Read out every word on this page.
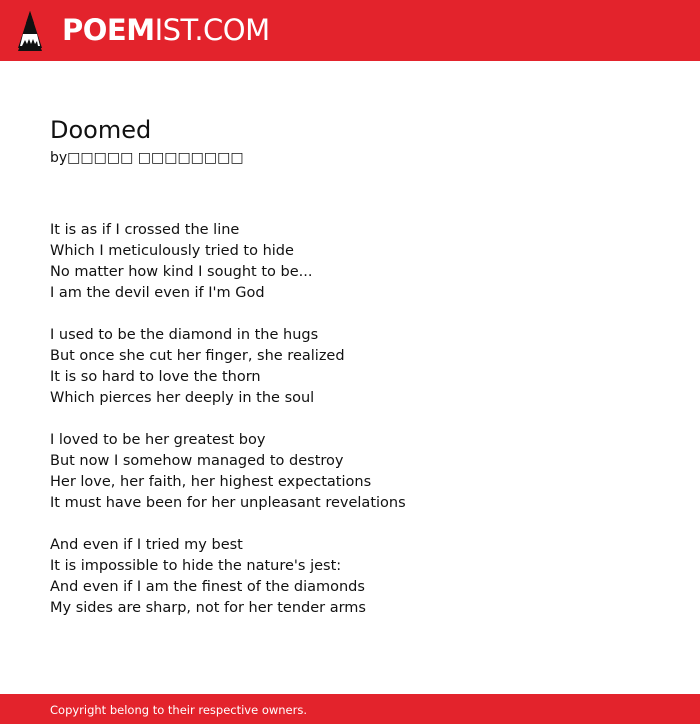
POEM IST.COM
Doomed
by□□□□□ □□□□□□□□
It is as if I crossed the line
Which I meticulously tried to hide
No matter how kind I sought to be...
I am the devil even if I'm God
I used to be the diamond in the hugs
But once she cut her finger, she realized
It is so hard to love the thorn
Which pierces her deeply in the soul
I loved to be her greatest boy
But now I somehow managed to destroy
Her love, her faith, her highest expectations
It must have been for her unpleasant revelations
And even if I tried my best
It is impossible to hide the nature's jest:
And even if I am the finest of the diamonds
My sides are sharp, not for her tender arms
Copyright belong to their respective owners.
